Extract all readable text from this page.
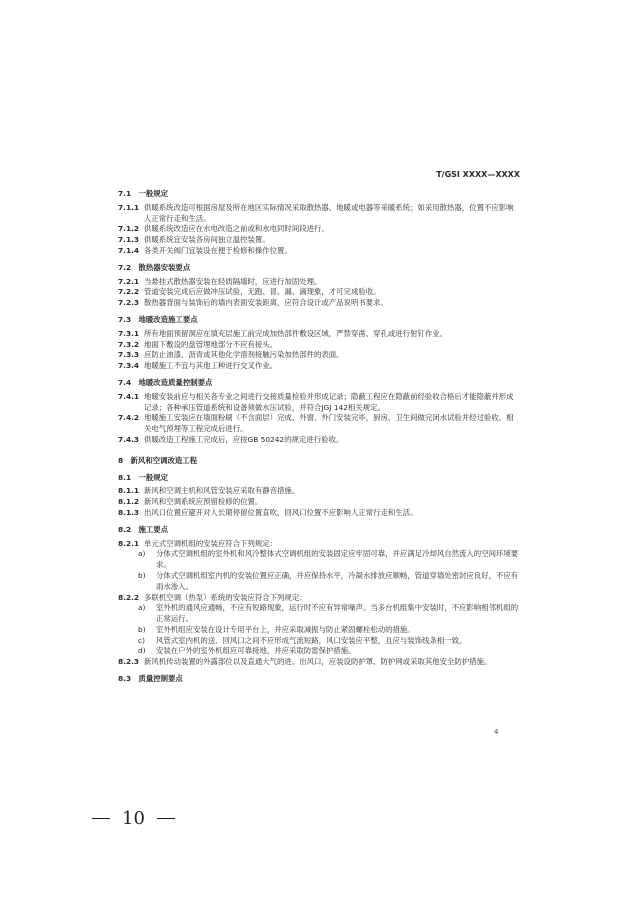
T/GSI XXXX—XXXX
7.1　一般规定
7.1.1 供暖系统改造可根据房屋及所在地区实际情况采取散热器、地暖或电器等采暖系统；如采用散热器，位置不应影响人正常行走和生活。
7.1.2 供暖系统改造应在水电改造之前或和水电同时间段进行。
7.1.3 供暖系统宜安装各房间独立温控装置。
7.1.4 各类开关阀门宜装设在便于检修和操作位置。
7.2　散热器安装要点
7.2.1 当悬挂式散热器安装在轻质隔墙时，应进行加固处理。
7.2.2 管道安装完成后应做冲压试验，无跑、冒、漏、滴现象，才可完成验收。
7.2.3 散热器背面与装饰后的墙内表面安装距离，应符合设计或产品说明书要求。
7.3　地暖改造施工要点
7.3.1 所有地面预留洞应在填充层施工前完成加热部件敷设区域，严禁穿凿、穿孔或进行射钉作业。
7.3.2 地面下敷设的盘管埋地部分不应有接头。
7.3.3 应防止油漆、沥青或其他化学溶剂接触污染加热部件的表面。
7.3.4 地暖施工不宜与其他工种进行交叉作业。
7.4　地暖改造质量控制要点
7.4.1 地暖安装前应与相关各专业之间进行交接质量检验并形成记录；隐蔽工程应在隐蔽前经验收合格后才能隐蔽并形成记录；各种承压管道系统和设备须做水压试验，并符合JGJ 142相关规定。
7.4.2 地暖施工安装应在墙面粉刷（不含面层）完成、外窗、外门安装完毕，厨房、卫生间做完闭水试验并经过验收，相关电气预埋等工程完成后进行。
7.4.3 供暖改造工程施工完成后，应按GB 50242的规定进行验收。
8　新风和空调改造工程
8.1　一般规定
8.1.1 新风和空调主机和风管安装应采取有静音措施。
8.1.2 新风和空调系统应预留检修的位置。
8.1.3 出风口位置应避开对人长期停留位置直吹，回风口位置不应影响人正常行走和生活。
8.2　施工要点
8.2.1 单元式空调机组的安装应符合下列规定：
a)	分体式空调机组的室外机和风冷整体式空调机组的安装固定应牢固可靠，并应满足冷却风自然流入的空间环境要求。
b)	分体式空调机组室内机的安装位置应正确，并应保持水平，冷凝水排放应顺畅，管道穿墙处密封应良好，不应有雨水渗入。
8.2.2 多联机空调（热泵）系统的安装应符合下列规定：
a)	室外机的通风应通畅，不应有短路现象，运行时不应有异常噪声。当多台机组集中安装时，不应影响相邻机组的正常运行。
b)	室外机组应安装在设计专用平台上，并应采取减振与防止紧固螺栓松动的措施。
c)	风管式室内机的送、回风口之间不应形成气流短路，风口安装应平整，且应与装饰线条相一致。
d)	安装在户外的室外机组应可靠接地，并应采取防雷保护措施。
8.2.3 新风机传动装置的外露部位以及直通大气的进、出风口，应装设防护罩、防护网或采取其他安全防护措施。
8.3　质量控制要点
4
10
